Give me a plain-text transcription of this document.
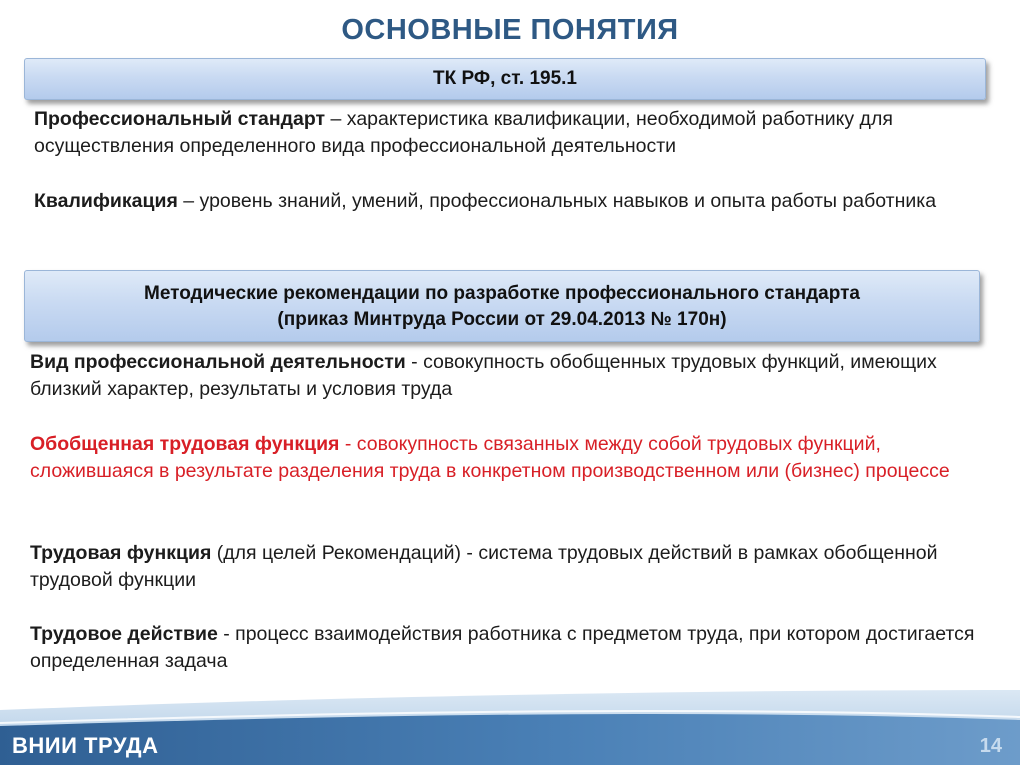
ОСНОВНЫЕ ПОНЯТИЯ
ТК РФ, ст. 195.1
Профессиональный стандарт – характеристика квалификации, необходимой работнику для осуществления определенного вида профессиональной деятельности
Квалификация – уровень знаний, умений, профессиональных навыков и опыта работы работника
Методические рекомендации по разработке профессионального стандарта
(приказ Минтруда России от 29.04.2013 № 170н)
Вид профессиональной деятельности - совокупность обобщенных трудовых функций, имеющих близкий характер, результаты и условия труда
Обобщенная трудовая функция - совокупность связанных между собой трудовых функций, сложившаяся в результате разделения труда в конкретном производственном или (бизнес) процессе
Трудовая функция (для целей Рекомендаций) - система трудовых действий в рамках обобщенной трудовой функции
Трудовое действие - процесс взаимодействия работника с предметом труда, при котором достигается определенная задача
ВНИИ ТРУДА	14
